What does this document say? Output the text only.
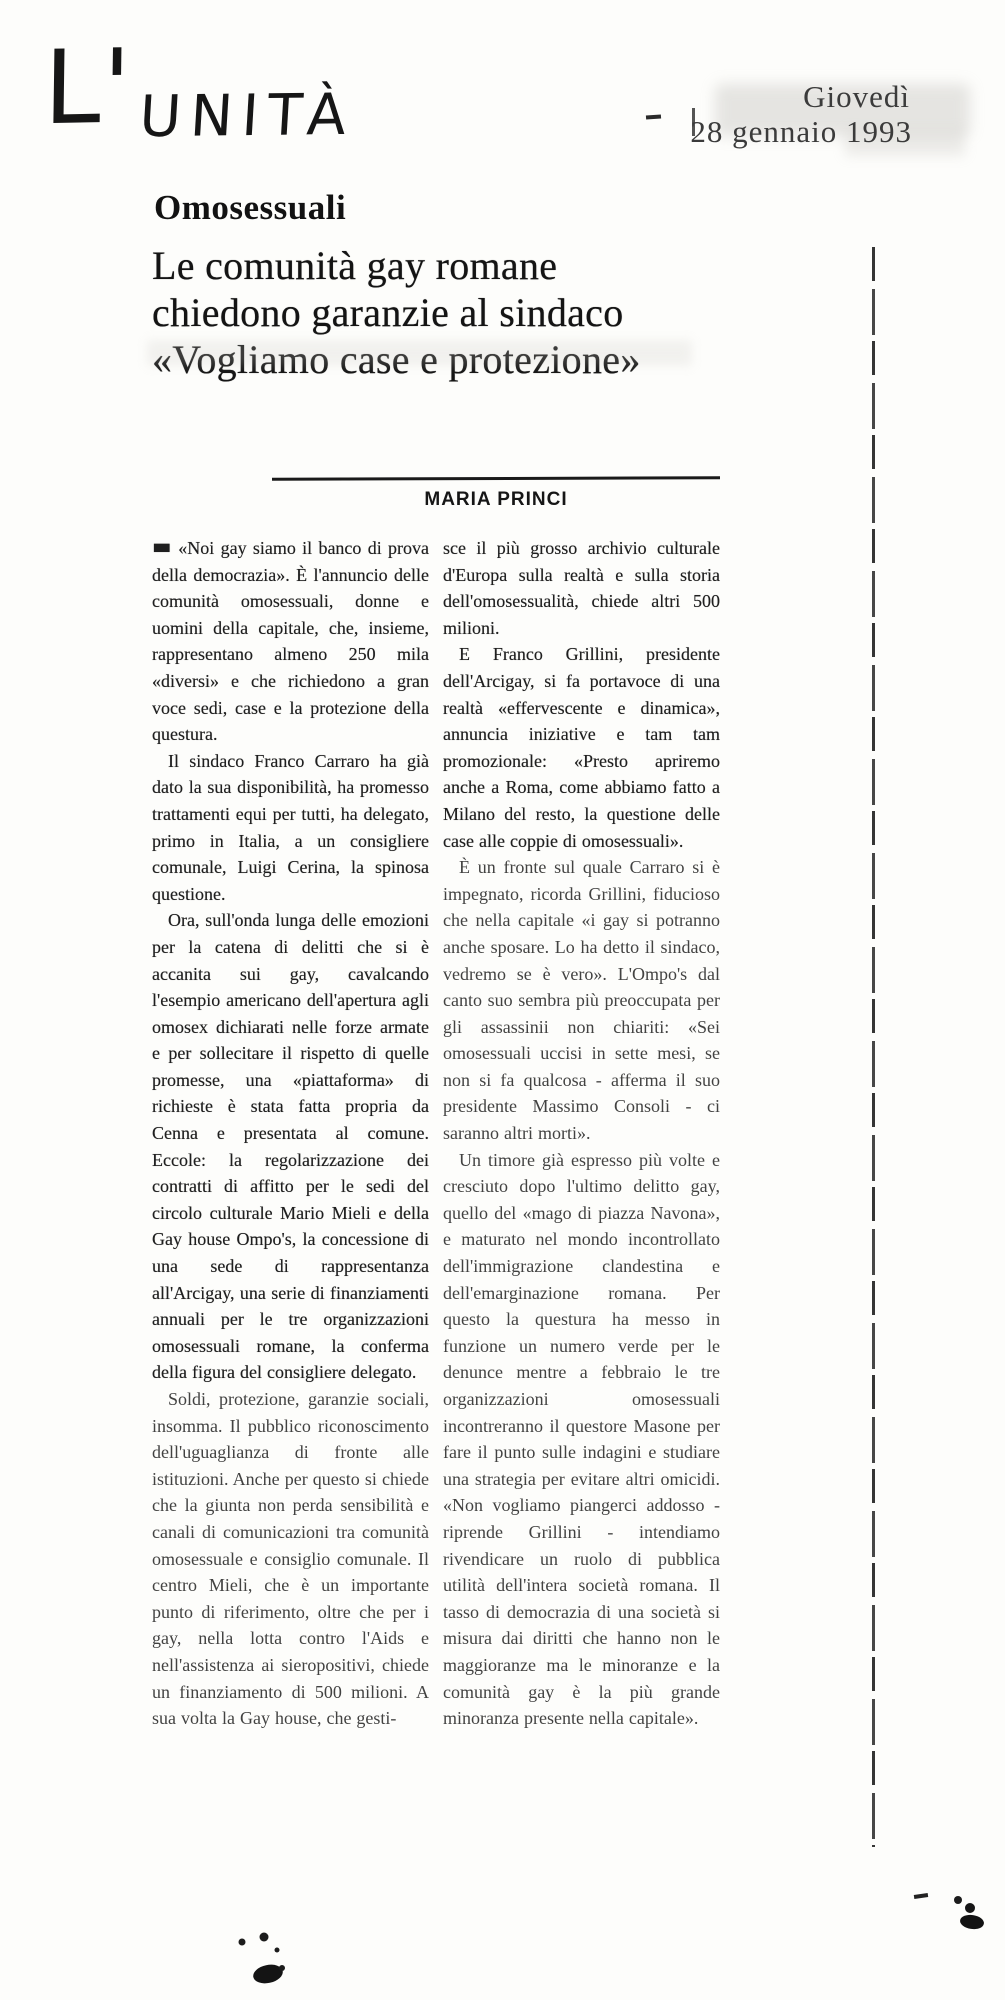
L' UNITÀ	Giovedì
28 gennaio 1993
Omosessuali
Le comunità gay romane
chiedono garanzie al sindaco
«Vogliamo case e protezione»
MARIA PRINCI

■ «Noi gay siamo il banco di prova della democrazia». È l'annuncio delle comunità omosessuali, donne e uomini della capitale, che, insieme, rappresentano almeno 250 mila «diversi» e che richiedono a gran voce sedi, case e la protezione della questura.

Il sindaco Franco Carraro ha già dato la sua disponibilità, ha promesso trattamenti equi per tutti, ha delegato, primo in Italia, a un consigliere comunale, Luigi Cerina, la spinosa questione.

Ora, sull'onda lunga delle emozioni per la catena di delitti che si è accanita sui gay, cavalcando l'esempio americano dell'apertura agli omosex dichiarati nelle forze armate e per sollecitare il rispetto di quelle promesse, una «piattaforma» di richieste è stata fatta propria da Cenna e presentata al comune. Eccole: la regolarizzazione dei contratti di affitto per le sedi del circolo culturale Mario Mieli e della Gay house Ompo's, la concessione di una sede di rappresentanza all'Arcigay, una serie di finanziamenti annuali per le tre organizzazioni omosessuali romane, la conferma della figura del consigliere delegato.

Soldi, protezione, garanzie sociali, insomma. Il pubblico riconoscimento dell'uguaglianza di fronte alle istituzioni. Anche per questo si chiede che la giunta non perda sensibilità e canali di comunicazioni tra comunità omosessuale e consiglio comunale. Il centro Mieli, che è un importante punto di riferimento, oltre che per i gay, nella lotta contro l'Aids e nell'assistenza ai sieropositivi, chiede un finanziamento di 500 milioni. A sua volta la Gay house, che gesti-

sce il più grosso archivio culturale d'Europa sulla realtà e sulla storia dell'omosessualità, chiede altri 500 milioni.

E Franco Grillini, presidente dell'Arcigay, si fa portavoce di una realtà «effervescente e dinamica», annuncia iniziative e tam tam promozionale: «Presto apriremo anche a Roma, come abbiamo fatto a Milano del resto, la questione delle case alle coppie di omosessuali».

È un fronte sul quale Carraro si è impegnato, ricorda Grillini, fiducioso che nella capitale «i gay si potranno anche sposare. Lo ha detto il sindaco, vedremo se è vero». L'Ompo's dal canto suo sembra più preoccupata per gli assassinii non chiariti: «Sei omosessuali uccisi in sette mesi, se non si fa qualcosa - afferma il suo presidente Massimo Consoli - ci saranno altri morti».

Un timore già espresso più volte e cresciuto dopo l'ultimo delitto gay, quello del «mago di piazza Navona», e maturato nel mondo incontrollato dell'immigrazione clandestina e dell'emarginazione romana. Per questo la questura ha messo in funzione un numero verde per le denunce mentre a febbraio le tre organizzazioni omosessuali incontreranno il questore Masone per fare il punto sulle indagini e studiare una strategia per evitare altri omicidi. «Non vogliamo piangerci addosso - riprende Grillini - intendiamo rivendicare un ruolo di pubblica utilità dell'intera società romana. Il tasso di democrazia di una società si misura dai diritti che hanno non le maggioranze ma le minoranze e la comunità gay è la più grande minoranza presente nella capitale».
